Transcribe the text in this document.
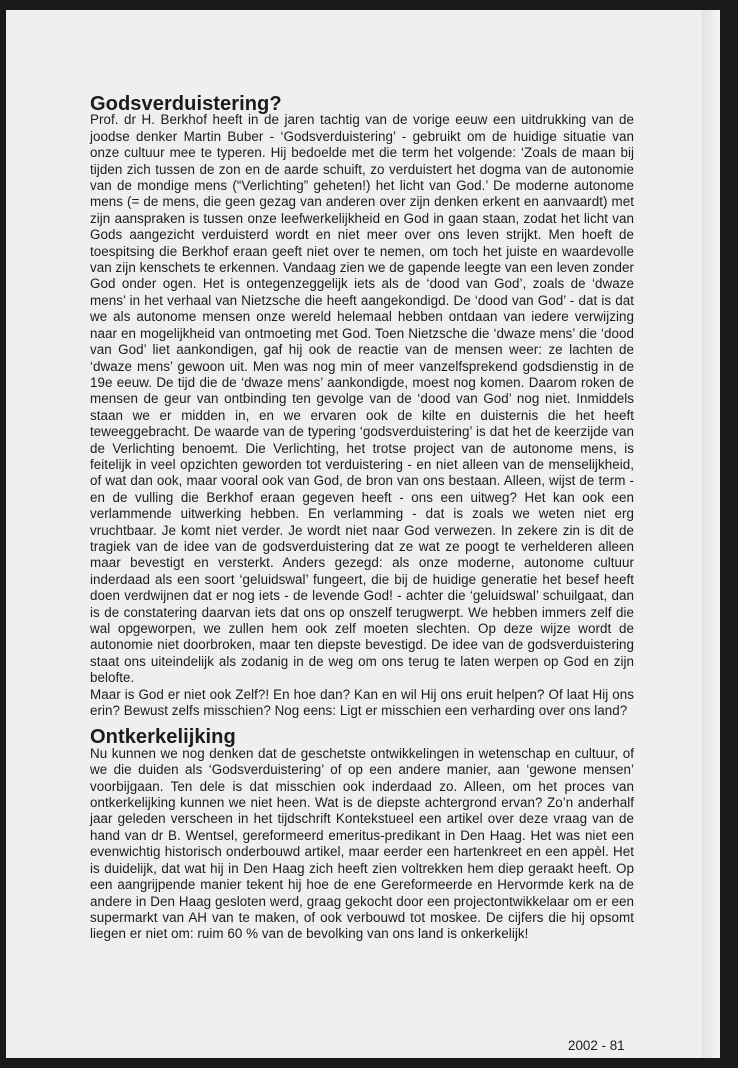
Godsverduistering?

Prof. dr H. Berkhof heeft in de jaren tachtig van de vorige eeuw een uitdrukking van de joodse denker Martin Buber - ‘Godsverduistering’ - gebruikt om de huidige situatie van onze cultuur mee te typeren. Hij bedoelde met die term het volgende: ‘Zoals de maan bij tijden zich tussen de zon en de aarde schuift, zo verduistert het dogma van de autonomie van de mondige mens (“Verlichting” geheten!) het licht van God.’ De moderne autonome mens (= de mens, die geen gezag van anderen over zijn denken erkent en aanvaardt) met zijn aanspraken is tussen onze leefwerkelijkheid en God in gaan staan, zodat het licht van Gods aangezicht verduisterd wordt en niet meer over ons leven strijkt. Men hoeft de toespitsing die Berkhof eraan geeft niet over te nemen, om toch het juiste en waardevolle van zijn kenschets te erkennen. Vandaag zien we de gapende leegte van een leven zonder God onder ogen. Het is ontegenzeggelijk iets als de ‘dood van God’, zoals de ‘dwaze mens’ in het verhaal van Nietzsche die heeft aangekondigd. De ‘dood van God’ - dat is dat we als autonome mensen onze wereld helemaal hebben ontdaan van iedere verwijzing naar en mogelijkheid van ontmoeting met God. Toen Nietzsche die ‘dwaze mens’ die ‘dood van God’ liet aankondigen, gaf hij ook de reactie van de mensen weer: ze lachten de ‘dwaze mens’ gewoon uit. Men was nog min of meer vanzelfsprekend godsdienstig in de 19e eeuw. De tijd die de ‘dwaze mens’ aankondigde, moest nog komen. Daarom roken de mensen de geur van ontbinding ten gevolge van de ‘dood van God’ nog niet. Inmiddels staan we er midden in, en we ervaren ook de kilte en duisternis die het heeft teweeggebracht. De waarde van de typering ‘godsverduistering’ is dat het de keerzijde van de Verlichting benoemt. Die Verlichting, het trotse project van de autonome mens, is feitelijk in veel opzichten geworden tot verduistering - en niet alleen van de menselijkheid, of wat dan ook, maar vooral ook van God, de bron van ons bestaan. Alleen, wijst de term - en de vulling die Berkhof eraan gegeven heeft - ons een uitweg? Het kan ook een verlammende uitwerking hebben. En verlamming - dat is zoals we weten niet erg vruchtbaar. Je komt niet verder. Je wordt niet naar God verwezen. In zekere zin is dit de tragiek van de idee van de godsverduistering dat ze wat ze poogt te verhelderen alleen maar bevestigt en versterkt. Anders gezegd: als onze moderne, autonome cultuur inderdaad als een soort ‘geluidswal’ fungeert, die bij de huidige generatie het besef heeft doen verdwijnen dat er nog iets - de levende God! - achter die ‘geluidswal’ schuilgaat, dan is de constatering daarvan iets dat ons op onszelf terugwerpt. We hebben immers zelf die wal opgeworpen, we zullen hem ook zelf moeten slechten. Op deze wijze wordt de autonomie niet doorbroken, maar ten diepste bevestigd. De idee van de godsverduistering staat ons uiteindelijk als zodanig in de weg om ons terug te laten werpen op God en zijn belofte.

Maar is God er niet ook Zelf?! En hoe dan? Kan en wil Hij ons eruit helpen? Of laat Hij ons erin? Bewust zelfs misschien? Nog eens: Ligt er misschien een verharding over ons land?

Ontkerkelijking

Nu kunnen we nog denken dat de geschetste ontwikkelingen in wetenschap en cultuur, of we die duiden als ‘Godsverduistering’ of op een andere manier, aan ‘gewone mensen’ voorbijgaan. Ten dele is dat misschien ook inderdaad zo. Alleen, om het proces van ontkerkelijking kunnen we niet heen. Wat is de diepste achtergrond ervan? Zo’n anderhalf jaar geleden verscheen in het tijdschrift Kontekstueel een artikel over deze vraag van de hand van dr B. Wentsel, gereformeerd emeritus-predikant in Den Haag. Het was niet een evenwichtig historisch onderbouwd artikel, maar eerder een hartenkreet en een appèl. Het is duidelijk, dat wat hij in Den Haag zich heeft zien voltrekken hem diep geraakt heeft. Op een aangrijpende manier tekent hij hoe de ene Gereformeerde en Hervormde kerk na de andere in Den Haag gesloten werd, graag gekocht door een projectontwikkelaar om er een supermarkt van AH van te maken, of ook verbouwd tot moskee. De cijfers die hij opsomt liegen er niet om: ruim 60 % van de bevolking van ons land is onkerkelijk!

2002 - 81
